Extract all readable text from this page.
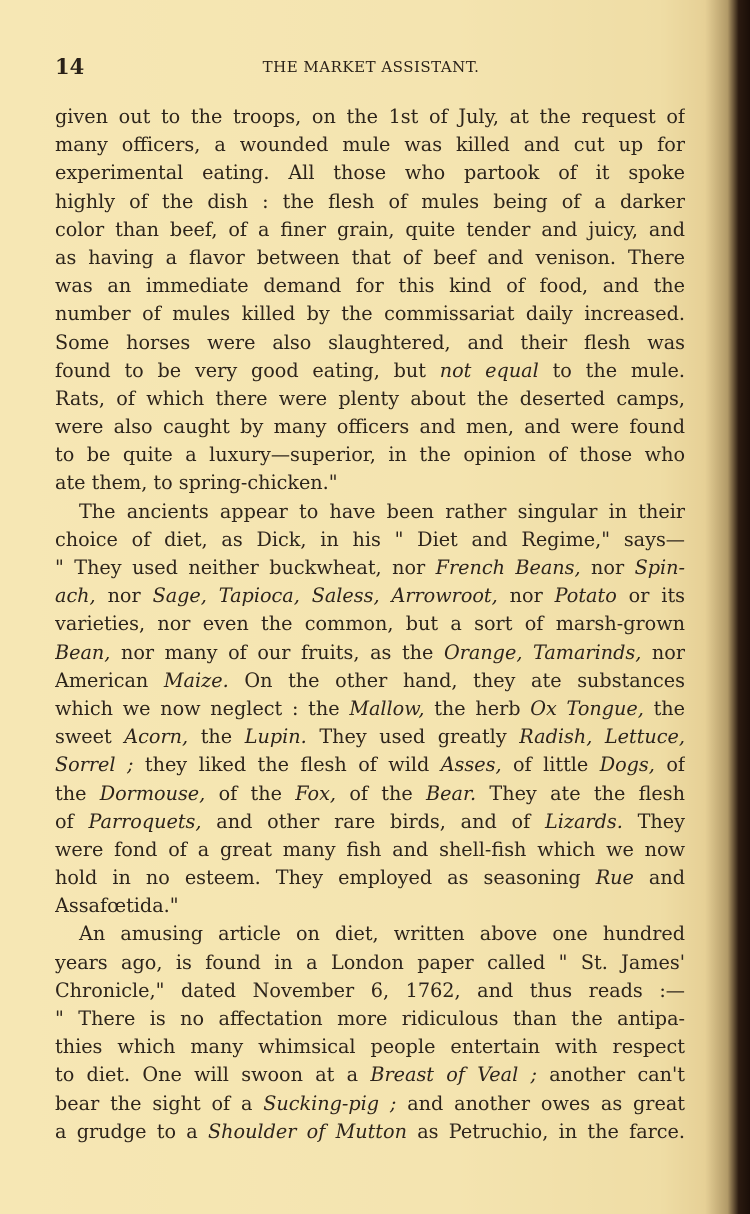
14	THE MARKET ASSISTANT.
given out to the troops, on the 1st of July, at the request of
many officers, a wounded mule was killed and cut up for
experimental eating. All those who partook of it spoke
highly of the dish : the flesh of mules being of a darker
color than beef, of a finer grain, quite tender and juicy, and
as having a flavor between that of beef and venison. There
was an immediate demand for this kind of food, and the
number of mules killed by the commissariat daily increased.
Some horses were also slaughtered, and their flesh was
found to be very good eating, but not equal to the mule.
Rats, of which there were plenty about the deserted camps,
were also caught by many officers and men, and were found
to be quite a luxury—superior, in the opinion of those who
ate them, to spring-chicken."
The ancients appear to have been rather singular in their
choice of diet, as Dick, in his " Diet and Regime," says—
" They used neither buckwheat, nor French Beans, nor Spin-
ach, nor Sage, Tapioca, Saless, Arrowroot, nor Potato or its
varieties, nor even the common, but a sort of marsh-grown
Bean, nor many of our fruits, as the Orange, Tamarinds, nor
American Maize. On the other hand, they ate substances
which we now neglect : the Mallow, the herb Ox Tongue, the
sweet Acorn, the Lupin. They used greatly Radish, Lettuce,
Sorrel ; they liked the flesh of wild Asses, of little Dogs, of
the Dormouse, of the Fox, of the Bear. They ate the flesh
of Parroquets, and other rare birds, and of Lizards. They
were fond of a great many fish and shell-fish which we now
hold in no esteem. They employed as seasoning Rue and
Assafœtida."
An amusing article on diet, written above one hundred
years ago, is found in a London paper called " St. James'
Chronicle," dated November 6, 1762, and thus reads :—
" There is no affectation more ridiculous than the antipa-
thies which many whimsical people entertain with respect
to diet. One will swoon at a Breast of Veal ; another can't
bear the sight of a Sucking-pig ; and another owes as great
a grudge to a Shoulder of Mutton as Petruchio, in the farce.
